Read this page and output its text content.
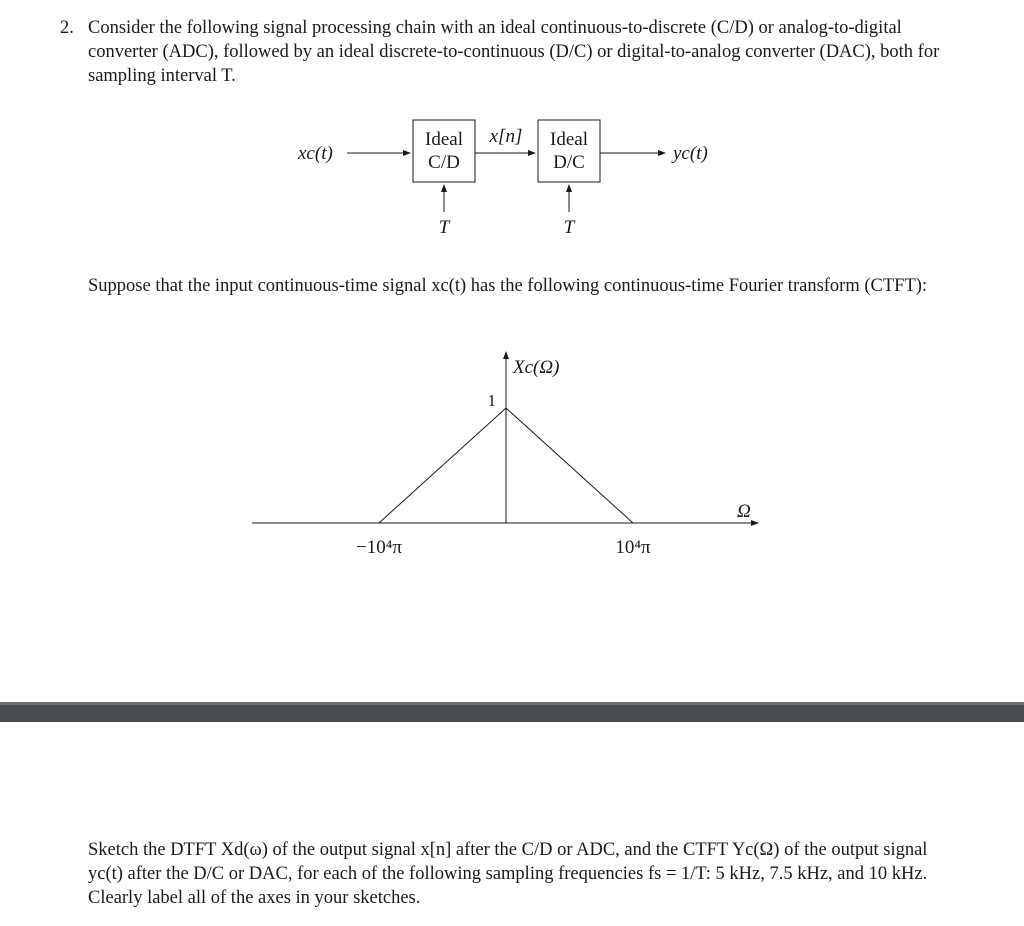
2. Consider the following signal processing chain with an ideal continuous-to-discrete (C/D) or analog-to-digital converter (ADC), followed by an ideal discrete-to-continuous (D/C) or digital-to-analog converter (DAC), both for sampling interval T.

xc(t)
Ideal
C/D
x[n] Ideal
D/C	yc(t)
T	T

Suppose that the input continuous-time signal xc(t) has the following continuous-time Fourier transform (CTFT):

Xc(Ω)
Ω
1
−10⁴π	10⁴π

Sketch the DTFT Xd(ω) of the output signal x[n] after the C/D or ADC, and the CTFT Yc(Ω) of the output signal yc(t) after the D/C or DAC, for each of the following sampling frequencies fs = 1/T: 5 kHz, 7.5 kHz, and 10 kHz. Clearly label all of the axes in your sketches.
